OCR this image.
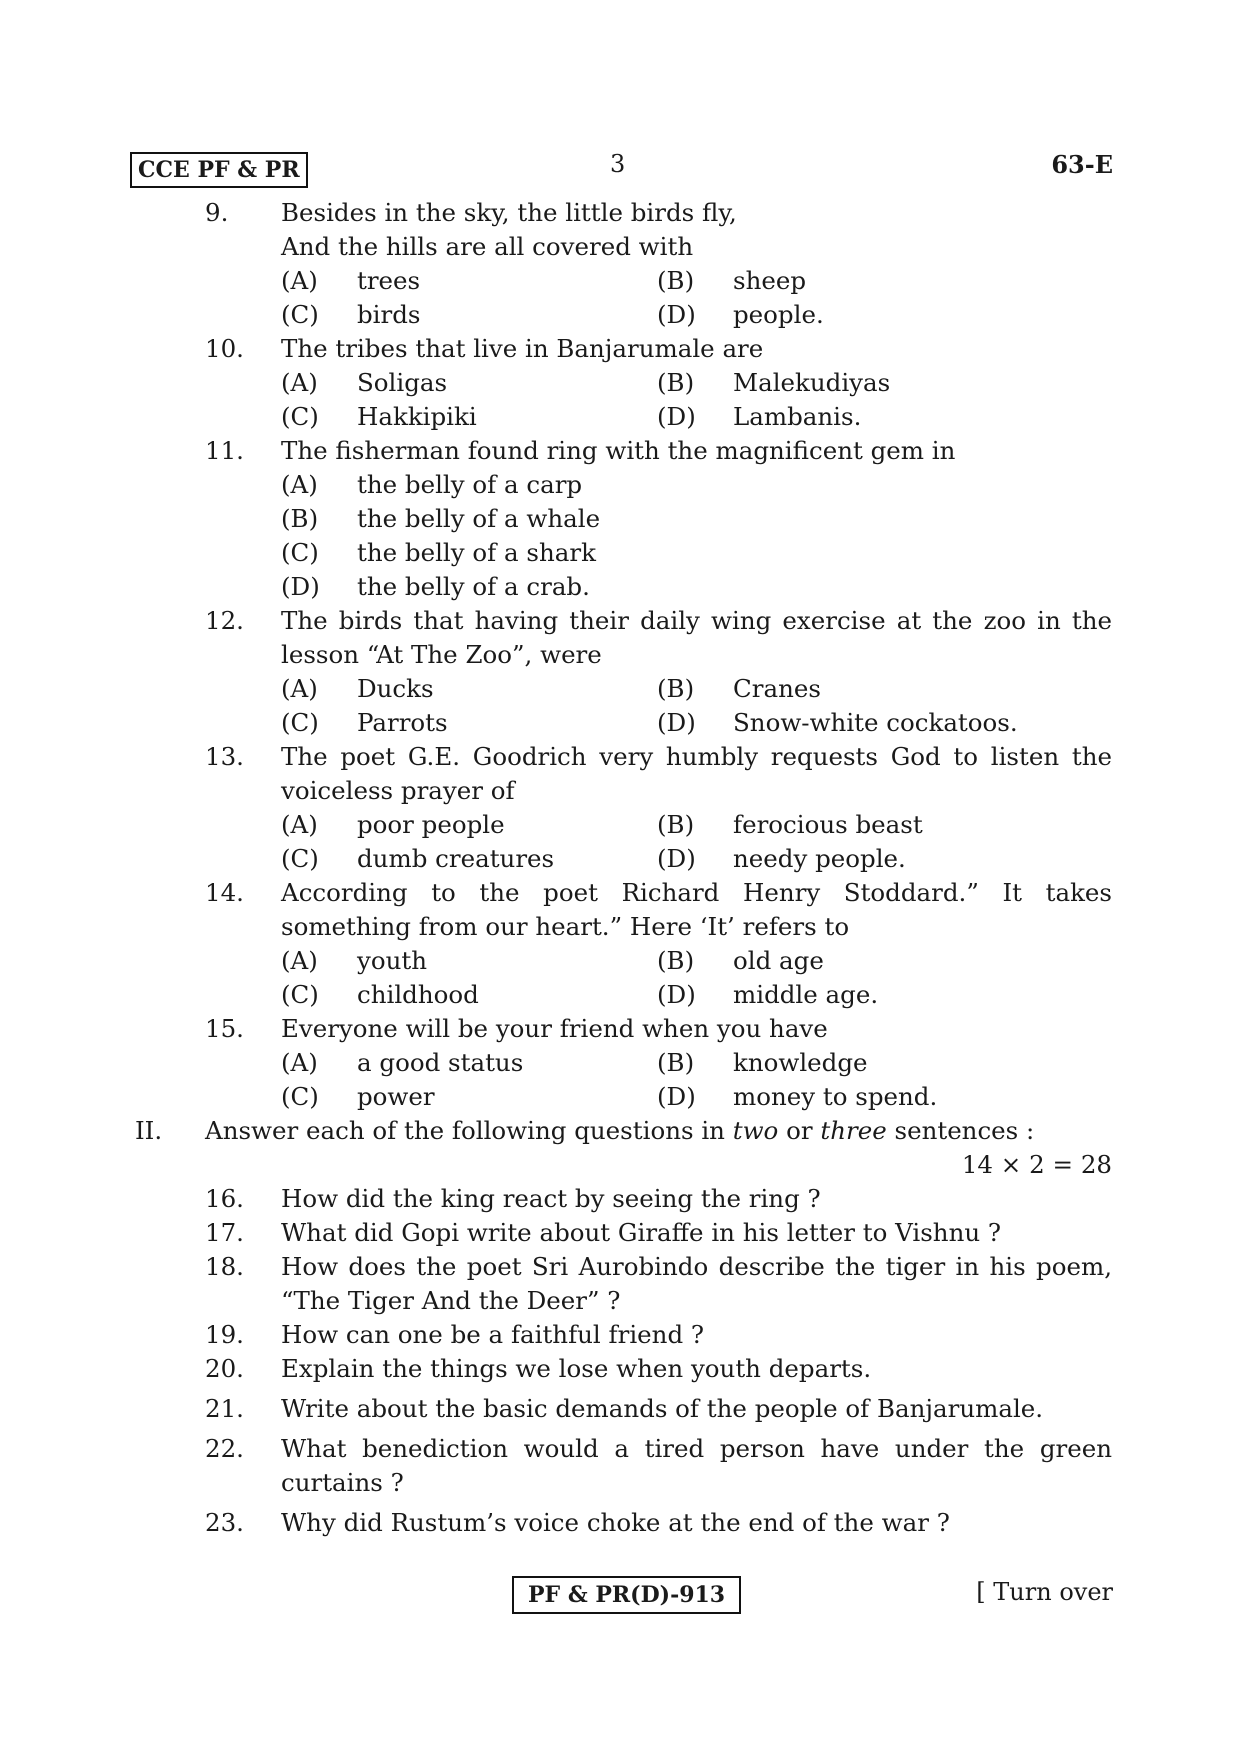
CCE PF & PR	3	63-E
9.	Besides in the sky, the little birds fly,
And the hills are all covered with
(A)	trees	(B)	sheep
(C)	birds	(D)	people.
10.	The tribes that live in Banjarumale are
(A)	Soligas	(B)	Malekudiyas
(C)	Hakkipiki	(D)	Lambanis.
11.	The fisherman found ring with the magnificent gem in
(A)	the belly of a carp
(B)	the belly of a whale
(C)	the belly of a shark
(D)	the belly of a crab.
12.	The birds that having their daily wing exercise at the zoo in the lesson “At The Zoo”, were
(A)	Ducks	(B)	Cranes
(C)	Parrots	(D)	Snow-white cockatoos.
13.	The poet G.E. Goodrich very humbly requests God to listen the voiceless prayer of
(A)	poor people	(B)	ferocious beast
(C)	dumb creatures	(D)	needy people.
14.	According to the poet Richard Henry Stoddard.” It takes something from our heart.” Here ‘It’ refers to
(A)	youth	(B)	old age
(C)	childhood	(D)	middle age.
15.	Everyone will be your friend when you have
(A)	a good status	(B)	knowledge
(C)	power	(D)	money to spend.
II.	Answer each of the following questions in two or three sentences :
14 × 2 = 28
16.	How did the king react by seeing the ring ?
17.	What did Gopi write about Giraffe in his letter to Vishnu ?
18.	How does the poet Sri Aurobindo describe the tiger in his poem, “The Tiger And the Deer” ?
19.	How can one be a faithful friend ?
20.	Explain the things we lose when youth departs.
21.	Write about the basic demands of the people of Banjarumale.
22.	What benediction would a tired person have under the green curtains ?
23.	Why did Rustum’s voice choke at the end of the war ?
PF & PR(D)-913	[ Turn over
